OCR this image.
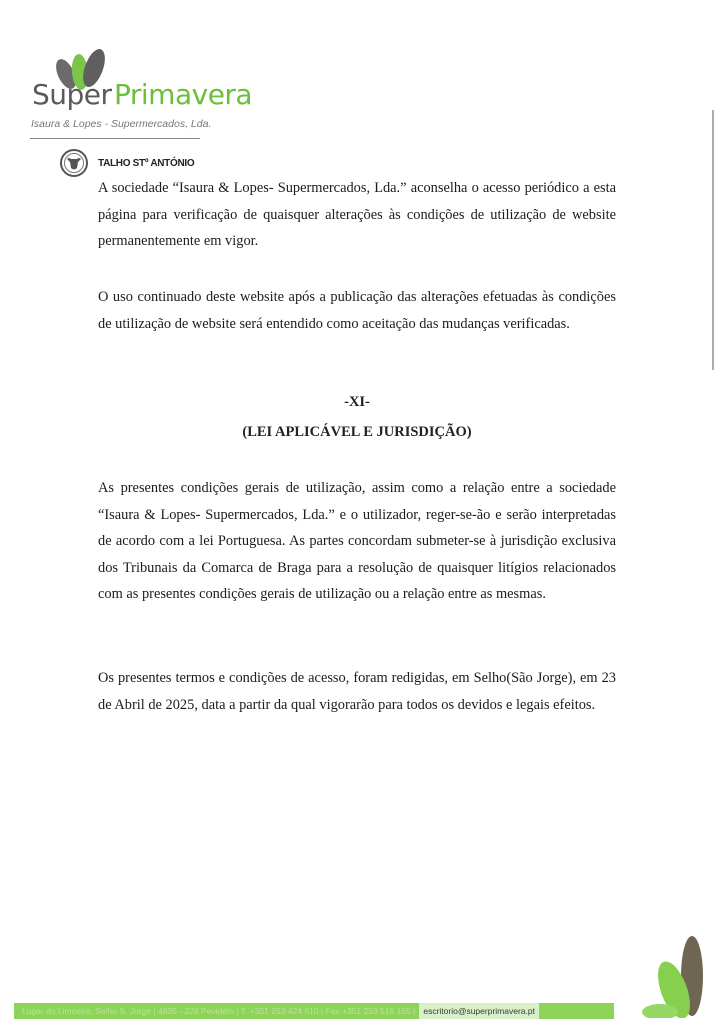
Super Primavera
Isaura & Lopes - Supermercados, Lda.
TALHO STº ANTÓNIO

A sociedade “Isaura & Lopes- Supermercados, Lda.” aconselha o acesso periódico a esta página para verificação de quaisquer alterações às condições de utilização de website permanentemente em vigor.

O uso continuado deste website após a publicação das alterações efetuadas às condições de utilização de website será entendido como aceitação das mudanças verificadas.

-XI-
(LEI APLICÁVEL E JURISDIÇÃO)

As presentes condições gerais de utilização, assim como a relação entre a sociedade “Isaura & Lopes- Supermercados, Lda.” e o utilizador, reger-se-ão e serão interpretadas de acordo com a lei Portuguesa. As partes concordam submeter-se à jurisdição exclusiva dos Tribunais da Comarca de Braga para a resolução de quaisquer litígios relacionados com as presentes condições gerais de utilização ou a relação entre as mesmas.

Os presentes termos e condições de acesso, foram redigidas, em Selho(São Jorge), em 23 de Abril de 2025, data a partir da qual vigorarão para todos os devidos e legais efeitos.

Lugar do Limoeiro, Selho S. Jorge | 4835 - 228 Pevidém | T. +351 253 424 610 | Fax +351 253 516 165 | escritorio@superprimavera.pt
